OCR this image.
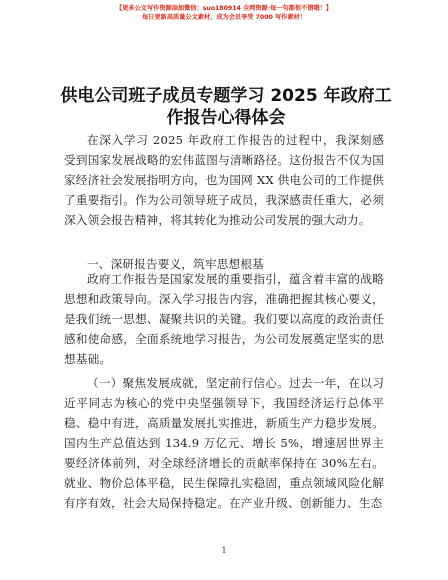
【更多公文写作资源添加微信：suo180914 全网资源·每一句都很不错哦！】
每日更新高质量公文素材，成为会员享受 7000 写作素材！
供电公司班子成员专题学习 2025 年政府工作报告心得体会
在深入学习 2025 年政府工作报告的过程中，我深刻感受到国家发展战略的宏伟蓝图与清晰路径。这份报告不仅为国家经济社会发展指明方向，也为国网 XX 供电公司的工作提供了重要指引。作为公司领导班子成员，我深感责任重大，必须深入领会报告精神，将其转化为推动公司发展的强大动力。
一、深研报告要义，筑牢思想根基
政府工作报告是国家发展的重要指引，蕴含着丰富的战略思想和政策导向。深入学习报告内容，准确把握其核心要义，是我们统一思想、凝聚共识的关键。我们要以高度的政治责任感和使命感，全面系统地学习报告，为公司发展奠定坚实的思想基础。
（一）聚焦发展成就，坚定前行信心。过去一年，在以习近平同志为核心的党中央坚强领导下，我国经济运行总体平稳、稳中有进，高质量发展扎实推进，新质生产力稳步发展。国内生产总值达到 134.9 万亿元、增长 5%，增速居世界主要经济体前列，对全球经济增长的贡献率保持在 30%左右。就业、物价总体平稳，民生保障扎实稳固，重点领域风险化解有序有效，社会大局保持稳定。在产业升级、创新能力、生态
1
